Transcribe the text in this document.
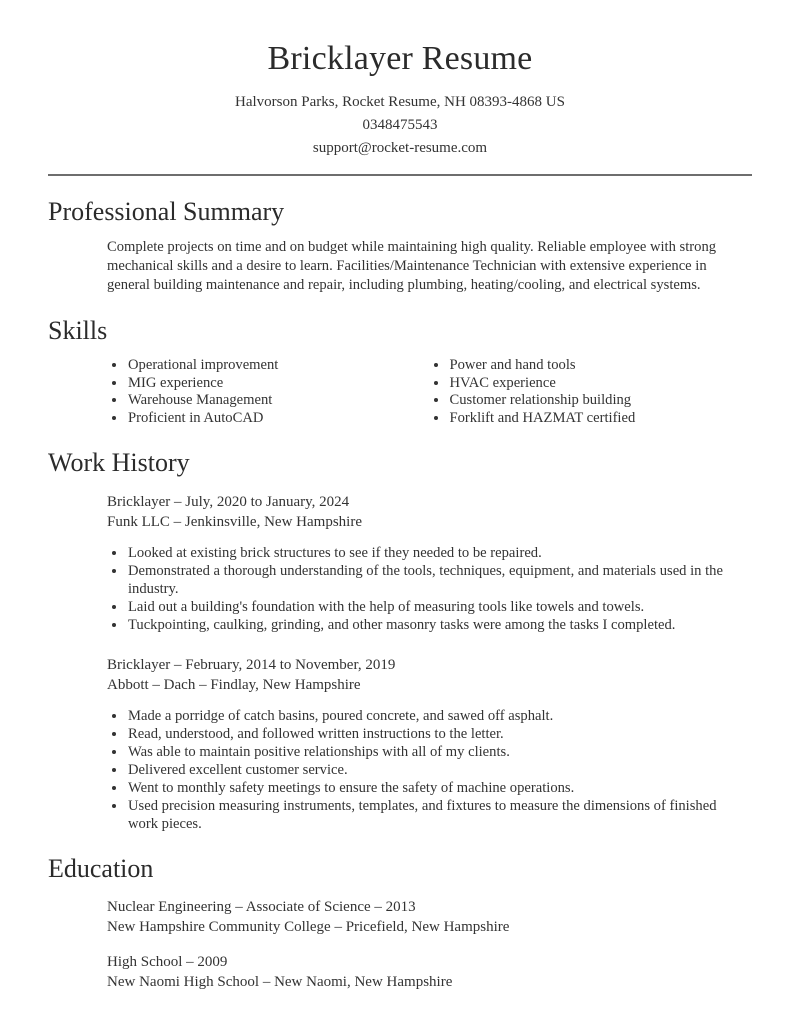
Bricklayer Resume
Halvorson Parks, Rocket Resume, NH 08393-4868 US
0348475543
support@rocket-resume.com
Professional Summary

Complete projects on time and on budget while maintaining high quality. Reliable employee with strong mechanical skills and a desire to learn. Facilities/Maintenance Technician with extensive experience in general building maintenance and repair, including plumbing, heating/cooling, and electrical systems.

Skills
• Operational improvement
• MIG experience
• Warehouse Management
• Proficient in AutoCAD
• Power and hand tools
• HVAC experience
• Customer relationship building
• Forklift and HAZMAT certified
Work History
Bricklayer – July, 2020 to January, 2024
Funk LLC – Jenkinsville, New Hampshire
• Looked at existing brick structures to see if they needed to be repaired.
• Demonstrated a thorough understanding of the tools, techniques, equipment, and materials used in the industry.
• Laid out a building's foundation with the help of measuring tools like towels and towels.
• Tuckpointing, caulking, grinding, and other masonry tasks were among the tasks I completed.
Bricklayer – February, 2014 to November, 2019
Abbott – Dach – Findlay, New Hampshire
• Made a porridge of catch basins, poured concrete, and sawed off asphalt.
• Read, understood, and followed written instructions to the letter.
• Was able to maintain positive relationships with all of my clients.
• Delivered excellent customer service.
• Went to monthly safety meetings to ensure the safety of machine operations.
• Used precision measuring instruments, templates, and fixtures to measure the dimensions of finished work pieces.
Education
Nuclear Engineering – Associate of Science – 2013
New Hampshire Community College – Pricefield, New Hampshire
High School – 2009
New Naomi High School – New Naomi, New Hampshire
